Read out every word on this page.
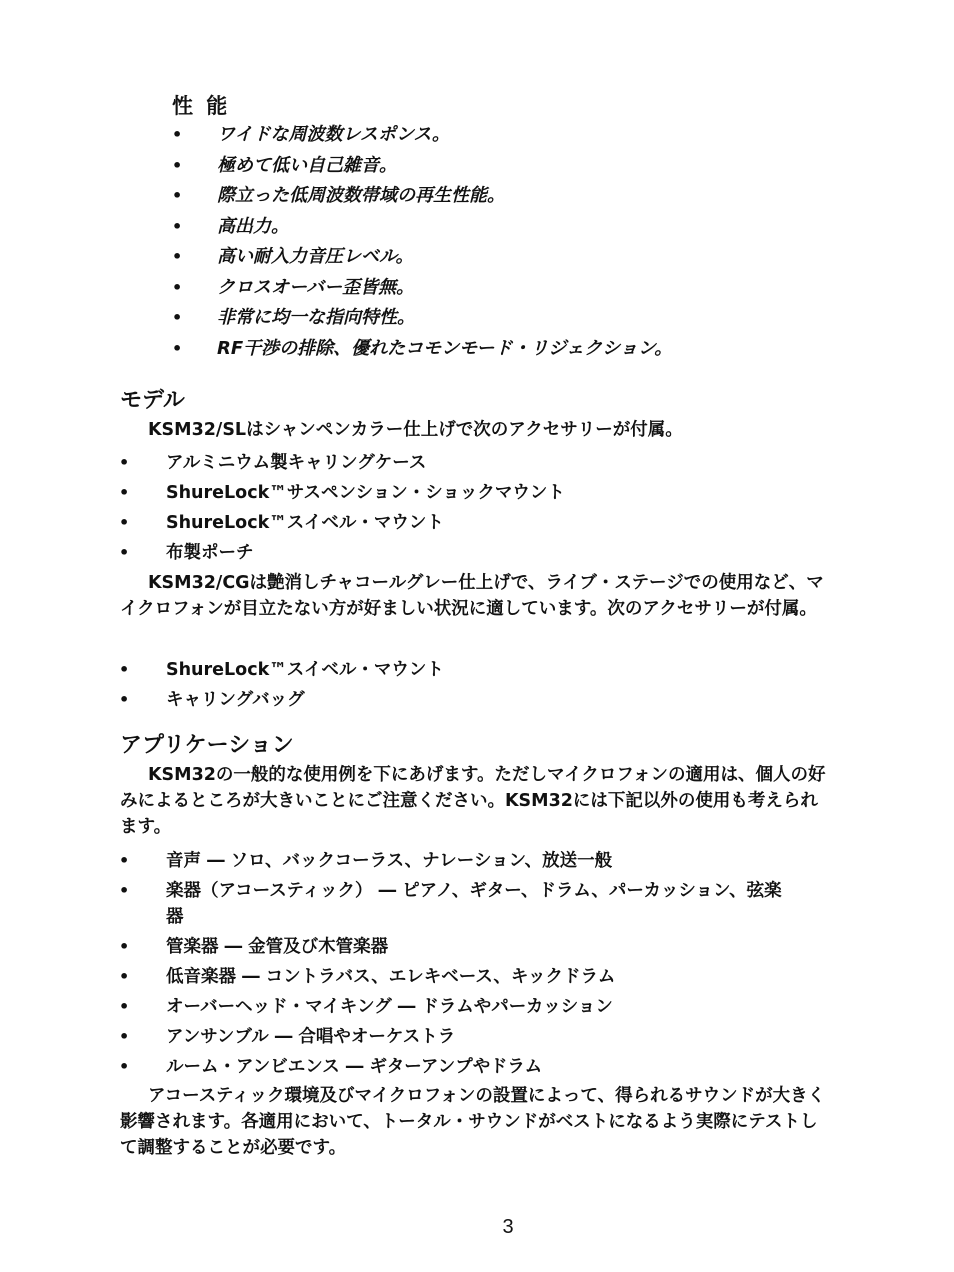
性 能
• ワイドな周波数レスポンス。
• 極めて低い自己雑音。
• 際立った低周波数帯域の再生性能。
• 高出力。
• 高い耐入力音圧レベル。
• クロスオーバー歪皆無。
• 非常に均一な指向特性。
• RF干渉の排除、優れたコモンモード・リジェクション。
モデル

KSM32/SLはシャンペンカラー仕上げで次のアクセサリーが付属。

• アルミニウム製キャリングケース
• ShureLock™サスペンション・ショックマウント
• ShureLock™スイベル・マウント
• 布製ポーチ

KSM32/CGは艶消しチャコールグレー仕上げで、ライブ・ステージでの使用など、マイクロフォンが目立たない方が好ましい状況に適しています。次のアクセサリーが付属。

• ShureLock™スイベル・マウント
• キャリングバッグ
アプリケーション

KSM32の一般的な使用例を下にあげます。ただしマイクロフォンの適用は、個人の好みによるところが大きいことにご注意ください。KSM32には下記以外の使用も考えられます。

• 音声 ― ソロ、バックコーラス、ナレーション、放送一般
• 楽器（アコースティック） ― ピアノ、ギター、ドラム、パーカッション、弦楽器
• 管楽器 ― 金管及び木管楽器
• 低音楽器 ― コントラバス、エレキベース、キックドラム
• オーバーヘッド・マイキング ― ドラムやパーカッション
• アンサンブル ― 合唱やオーケストラ
• ルーム・アンビエンス ― ギターアンプやドラム

アコースティック環境及びマイクロフォンの設置によって、得られるサウンドが大きく影響されます。各適用において、トータル・サウンドがベストになるよう実際にテストして調整することが必要です。

3
